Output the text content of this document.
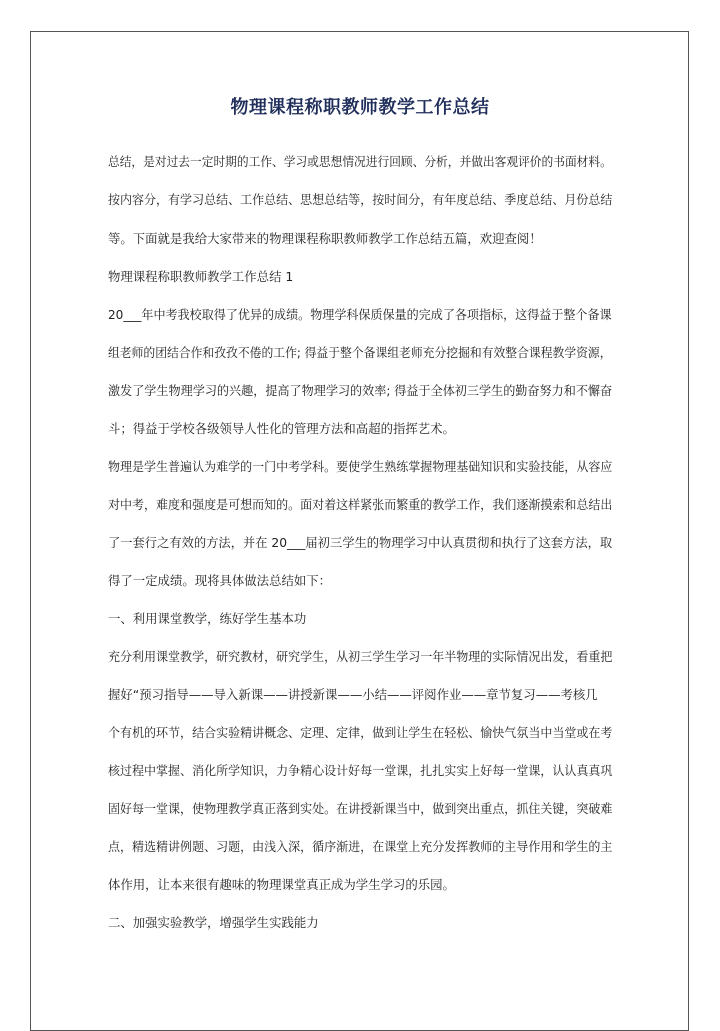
物理课程称职教师教学工作总结
总结，是对过去一定时期的工作、学习或思想情况进行回顾、分析，并做出客观评价的书面材料。
按内容分，有学习总结、工作总结、思想总结等，按时间分，有年度总结、季度总结、月份总结
等。下面就是我给大家带来的物理课程称职教师教学工作总结五篇，欢迎查阅！
物理课程称职教师教学工作总结 1
20___年中考我校取得了优异的成绩。物理学科保质保量的完成了各项指标，这得益于整个备课
组老师的团结合作和孜孜不倦的工作; 得益于整个备课组老师充分挖掘和有效整合课程教学资源，
激发了学生物理学习的兴趣，提高了物理学习的效率; 得益于全体初三学生的勤奋努力和不懈奋
斗；得益于学校各级领导人性化的管理方法和高超的指挥艺术。
物理是学生普遍认为难学的一门中考学科。要使学生熟练掌握物理基础知识和实验技能，从容应
对中考，难度和强度是可想而知的。面对着这样紧张而繁重的教学工作，我们逐渐摸索和总结出
了一套行之有效的方法，并在 20___届初三学生的物理学习中认真贯彻和执行了这套方法，取
得了一定成绩。现将具体做法总结如下：
一、利用课堂教学，练好学生基本功
充分利用课堂教学，研究教材，研究学生，从初三学生学习一年半物理的实际情况出发，看重把
握好“预习指导——导入新课——讲授新课——小结——评阅作业——章节复习——考核几
个有机的环节，结合实验精讲概念、定理、定律，做到让学生在轻松、愉快气氛当中当堂或在考
核过程中掌握、消化所学知识，力争精心设计好每一堂课，扎扎实实上好每一堂课，认认真真巩
固好每一堂课，使物理教学真正落到实处。在讲授新课当中，做到突出重点，抓住关键，突破难
点，精选精讲例题、习题，由浅入深，循序渐进，在课堂上充分发挥教师的主导作用和学生的主
体作用，让本来很有趣味的物理课堂真正成为学生学习的乐园。
二、加强实验教学，增强学生实践能力
